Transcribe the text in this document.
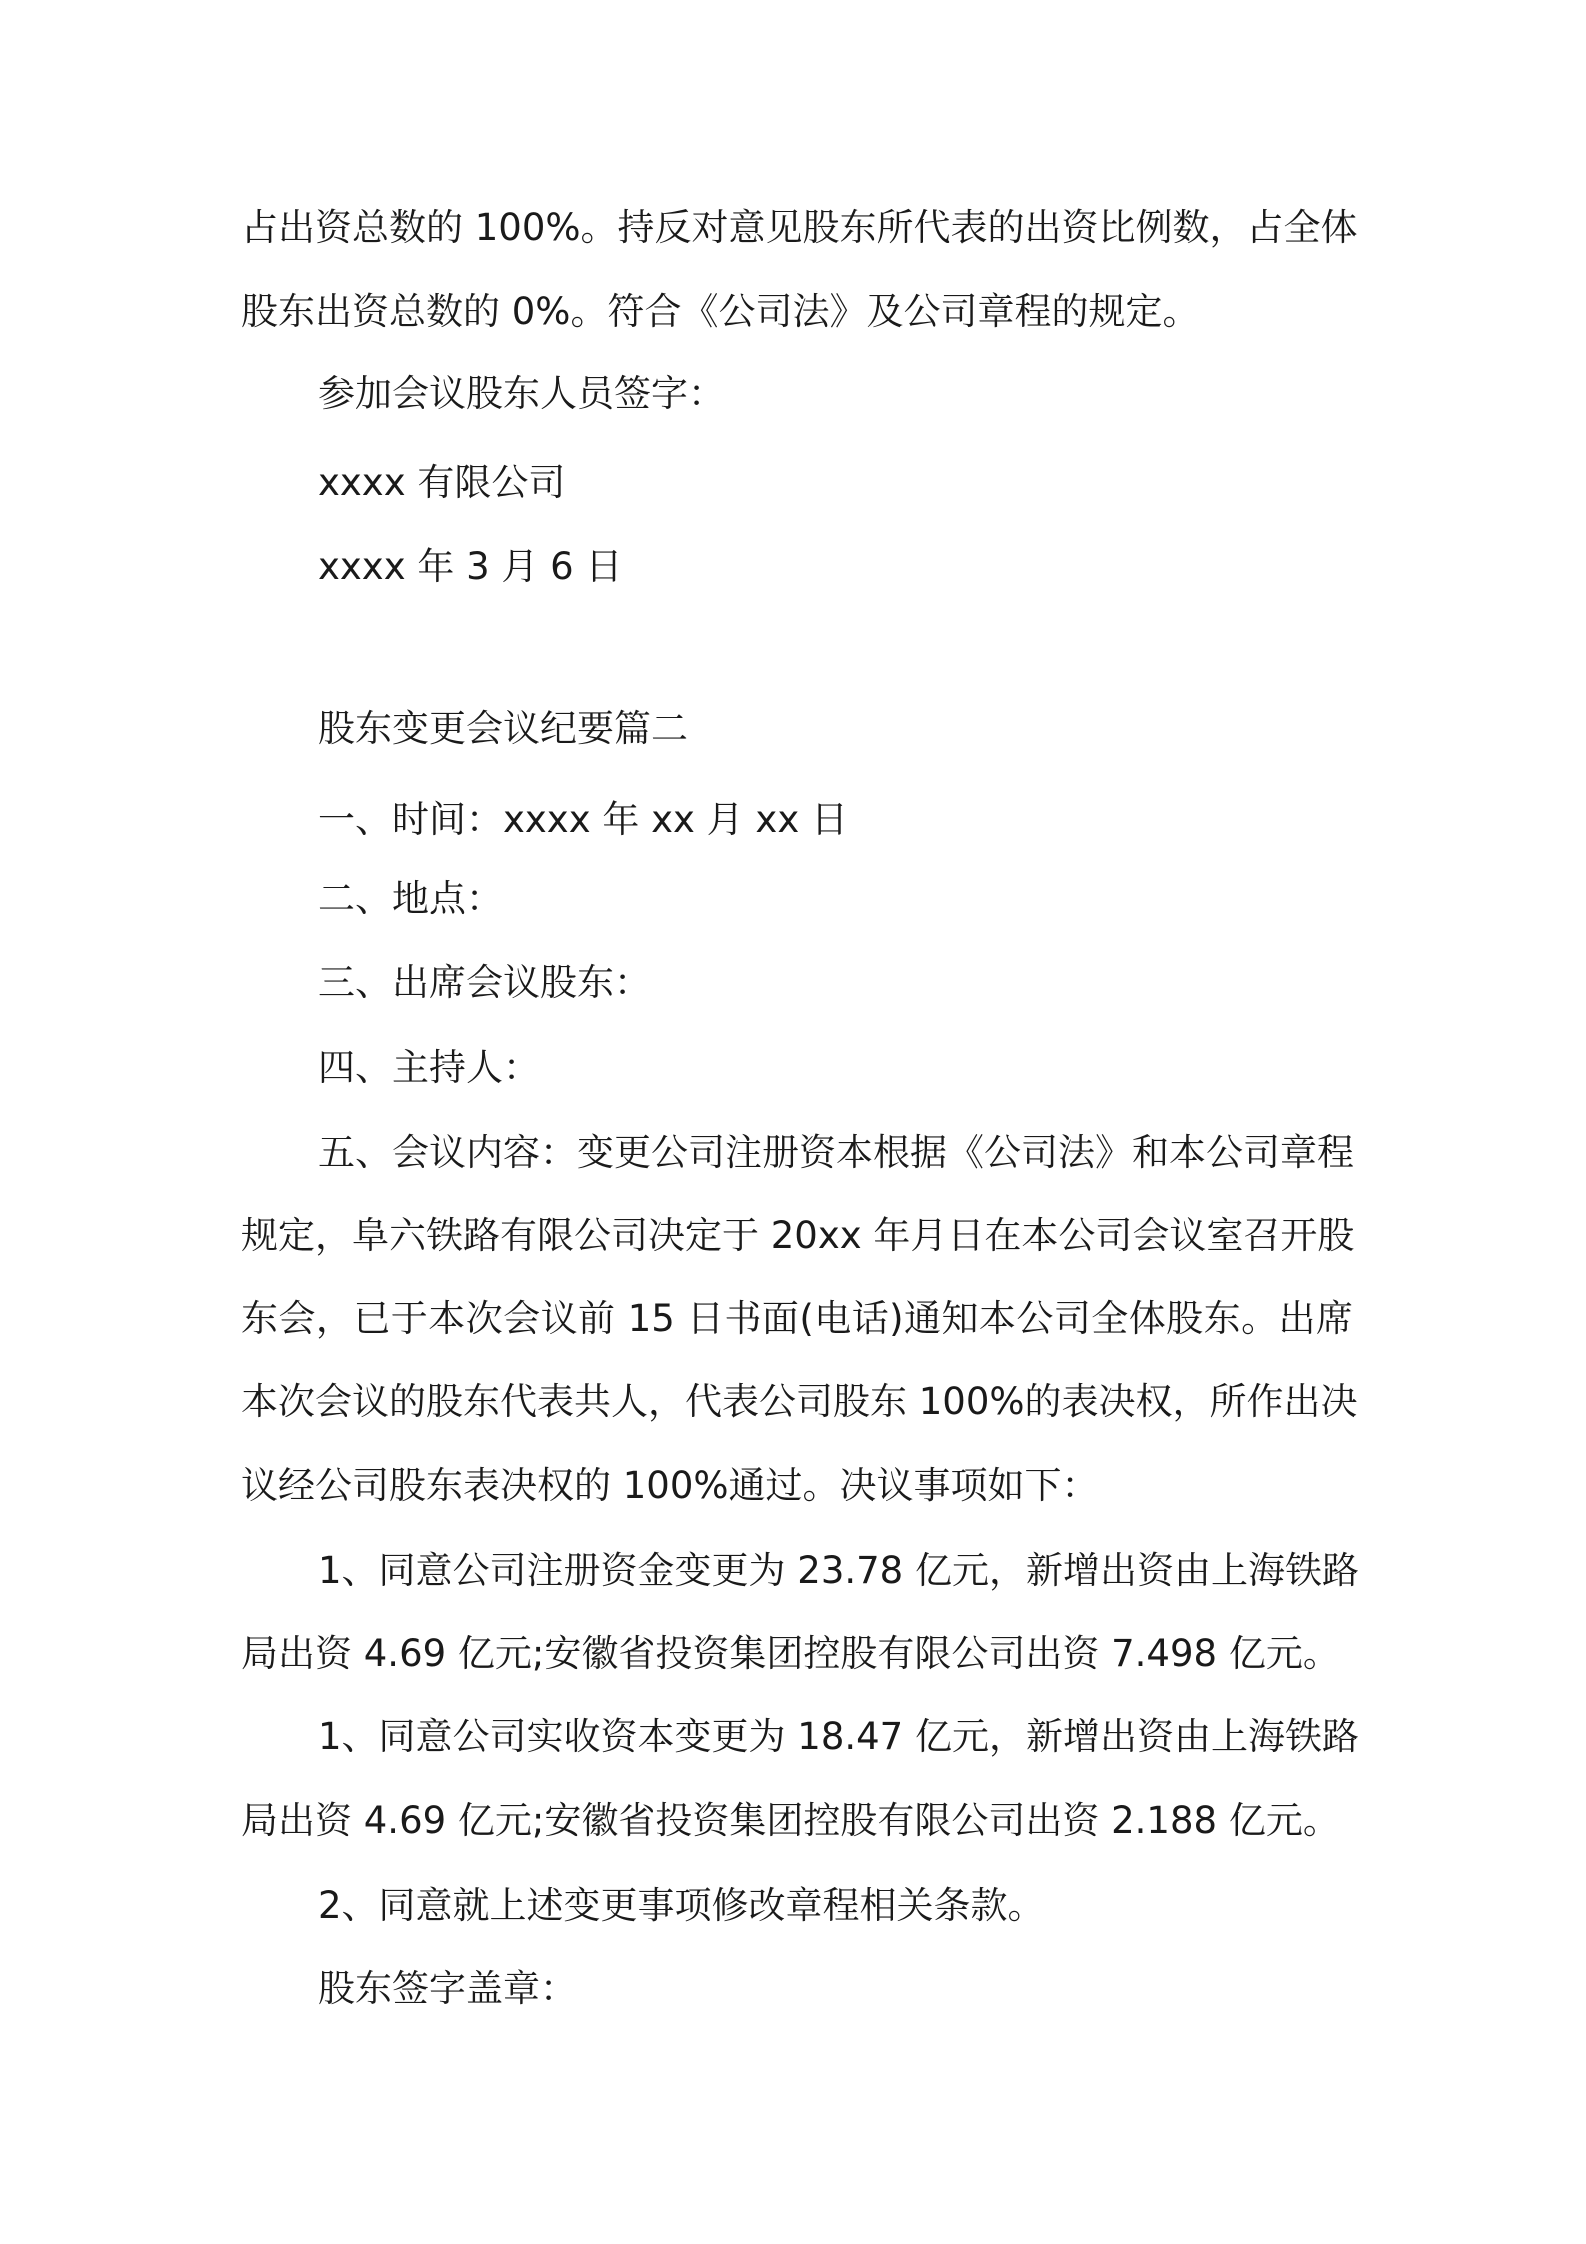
占出资总数的 100%。持反对意见股东所代表的出资比例数，占全体
股东出资总数的 0%。符合《公司法》及公司章程的规定。
参加会议股东人员签字：
xxxx 有限公司
xxxx 年 3 月 6 日
股东变更会议纪要篇二
一、时间：xxxx 年 xx 月 xx 日
二、地点：
三、出席会议股东：
四、主持人：
五、会议内容：变更公司注册资本根据《公司法》和本公司章程
规定，阜六铁路有限公司决定于 20xx 年月日在本公司会议室召开股
东会，已于本次会议前 15 日书面(电话)通知本公司全体股东。出席
本次会议的股东代表共人，代表公司股东 100%的表决权，所作出决
议经公司股东表决权的 100%通过。决议事项如下：
1、同意公司注册资金变更为 23.78 亿元，新增出资由上海铁路
局出资 4.69 亿元;安徽省投资集团控股有限公司出资 7.498 亿元。
1、同意公司实收资本变更为 18.47 亿元，新增出资由上海铁路
局出资 4.69 亿元;安徽省投资集团控股有限公司出资 2.188 亿元。
2、同意就上述变更事项修改章程相关条款。
股东签字盖章：
